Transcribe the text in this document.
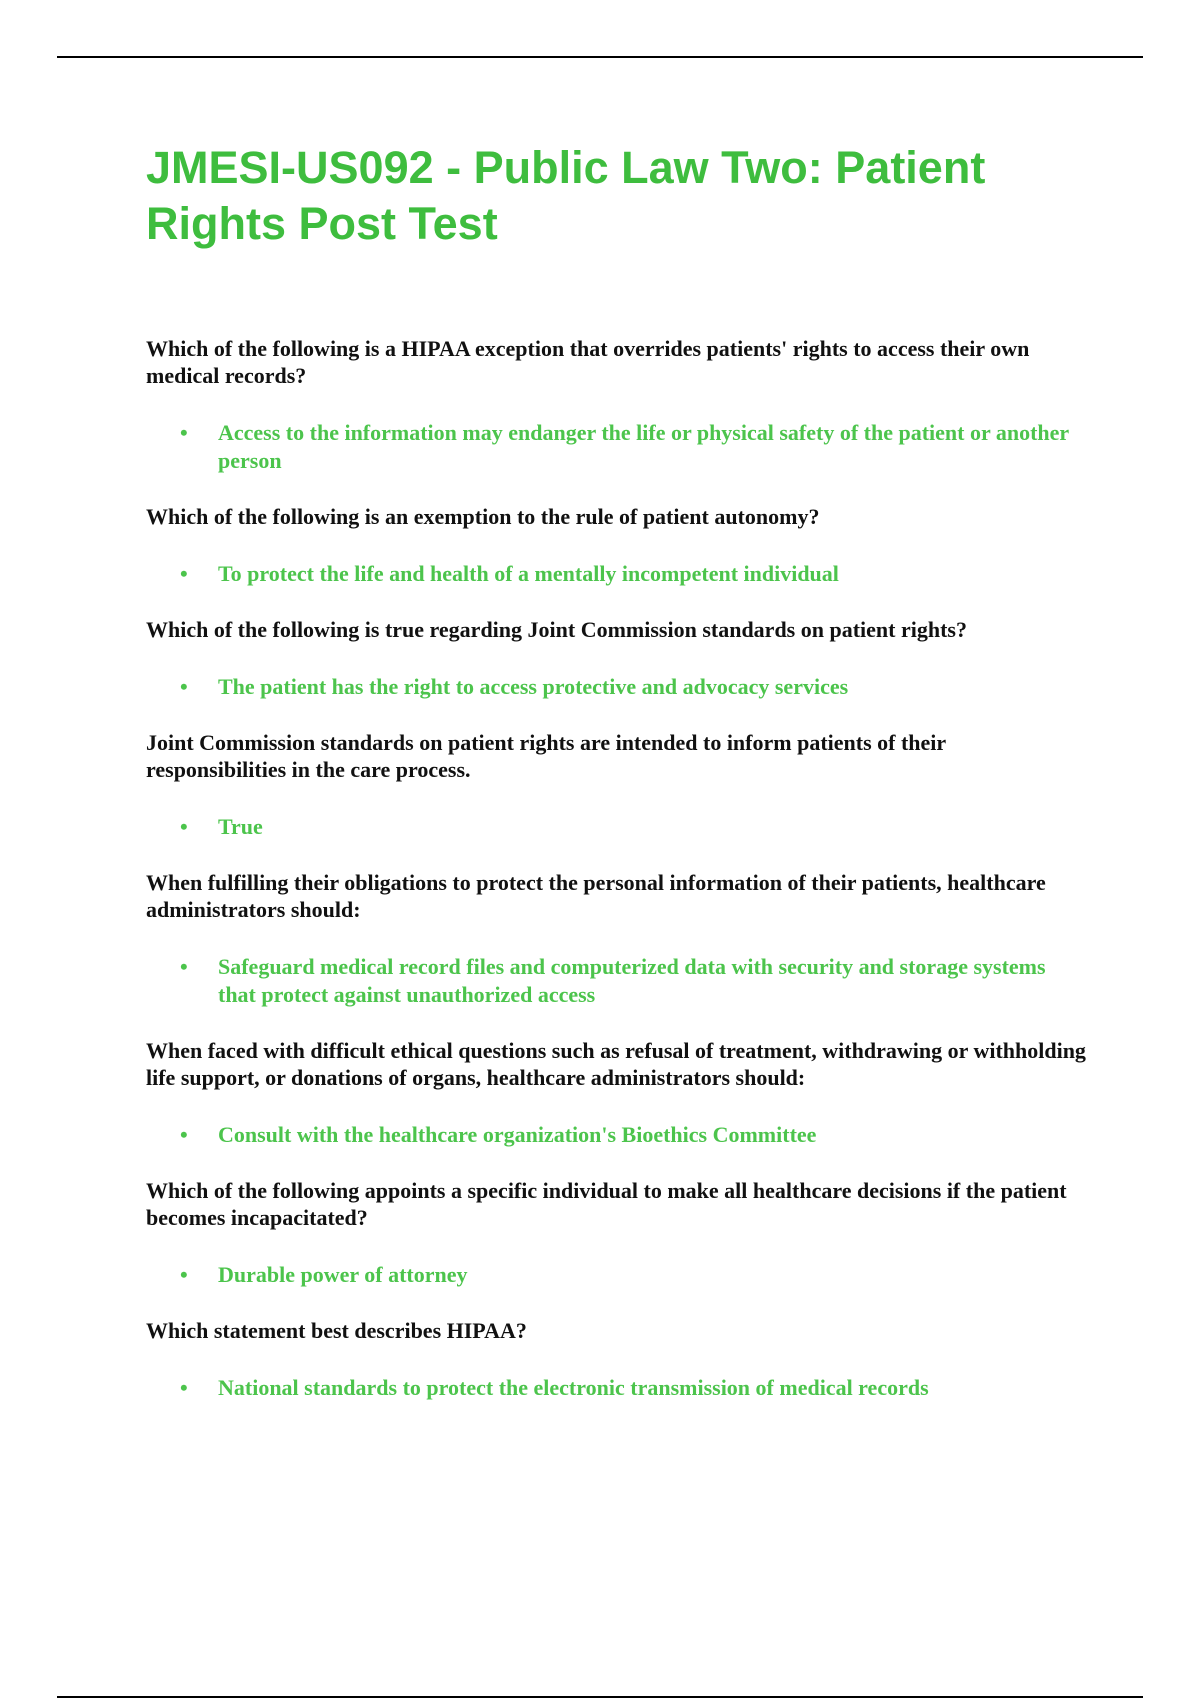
JMESI-US092 - Public Law Two: Patient Rights Post Test

Which of the following is a HIPAA exception that overrides patients' rights to access their own medical records?

• Access to the information may endanger the life or physical safety of the patient or another person

Which of the following is an exemption to the rule of patient autonomy?

• To protect the life and health of a mentally incompetent individual

Which of the following is true regarding Joint Commission standards on patient rights?

• The patient has the right to access protective and advocacy services

Joint Commission standards on patient rights are intended to inform patients of their responsibilities in the care process.

• True

When fulfilling their obligations to protect the personal information of their patients, healthcare administrators should:

• Safeguard medical record files and computerized data with security and storage systems that protect against unauthorized access

When faced with difficult ethical questions such as refusal of treatment, withdrawing or withholding life support, or donations of organs, healthcare administrators should:

• Consult with the healthcare organization's Bioethics Committee

Which of the following appoints a specific individual to make all healthcare decisions if the patient becomes incapacitated?

• Durable power of attorney

Which statement best describes HIPAA?

• National standards to protect the electronic transmission of medical records
